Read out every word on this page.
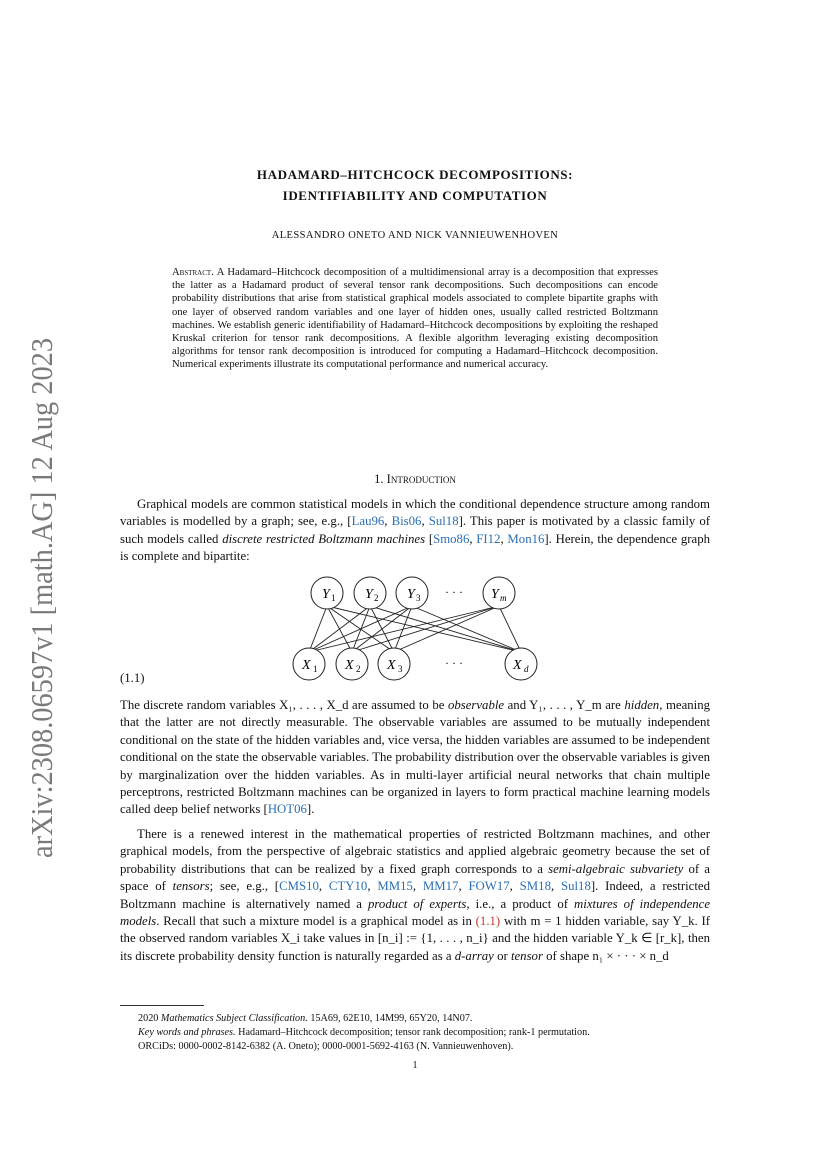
arXiv:2308.06597v1 [math.AG] 12 Aug 2023
HADAMARD–HITCHCOCK DECOMPOSITIONS:
IDENTIFIABILITY AND COMPUTATION
ALESSANDRO ONETO AND NICK VANNIEUWENHOVEN
Abstract. A Hadamard–Hitchcock decomposition of a multidimensional array is a decomposition that expresses the latter as a Hadamard product of several tensor rank decompositions. Such decompositions can encode probability distributions that arise from statistical graphical models associated to complete bipartite graphs with one layer of observed random variables and one layer of hidden ones, usually called restricted Boltzmann machines. We establish generic identifiability of Hadamard–Hitchcock decompositions by exploiting the reshaped Kruskal criterion for tensor rank decompositions. A flexible algorithm leveraging existing decomposition algorithms for tensor rank decomposition is introduced for computing a Hadamard–Hitchcock decomposition. Numerical experiments illustrate its computational performance and numerical accuracy.
1. Introduction
Graphical models are common statistical models in which the conditional dependence structure among random variables is modelled by a graph; see, e.g., [Lau96, Bis06, Sul18]. This paper is motivated by a classic family of such models called discrete restricted Boltzmann machines [Smo86, FI12, Mon16]. Herein, the dependence graph is complete and bipartite:
Y 1 Y 2 Y 3 · · · Y m
X 1 X 2 X 3	· · ·	X d
(1.1)
The discrete random variables X₁, . . . , X_d are assumed to be observable and Y₁, . . . , Y_m are hidden, meaning that the latter are not directly measurable. The observable variables are assumed to be mutually independent conditional on the state of the hidden variables and, vice versa, the hidden variables are assumed to be independent conditional on the state the observable variables. The probability distribution over the observable variables is given by marginalization over the hidden variables. As in multi-layer artificial neural networks that chain multiple perceptrons, restricted Boltzmann machines can be organized in layers to form practical machine learning models called deep belief networks [HOT06].
There is a renewed interest in the mathematical properties of restricted Boltzmann machines, and other graphical models, from the perspective of algebraic statistics and applied algebraic geometry because the set of probability distributions that can be realized by a fixed graph corresponds to a semi-algebraic subvariety of a space of tensors; see, e.g., [CMS10, CTY10, MM15, MM17, FOW17, SM18, Sul18]. Indeed, a restricted Boltzmann machine is alternatively named a product of experts, i.e., a product of mixtures of independence models. Recall that such a mixture model is a graphical model as in (1.1) with m = 1 hidden variable, say Y_k. If the observed random variables X_i take values in [n_i] := {1, . . . , n_i} and the hidden variable Y_k ∈ [r_k], then its discrete probability density function is naturally regarded as a d-array or tensor of shape n₁ × · · · × n_d
2020 Mathematics Subject Classification. 15A69, 62E10, 14M99, 65Y20, 14N07.
Key words and phrases. Hadamard–Hitchcock decomposition; tensor rank decomposition; rank-1 permutation.
ORCiDs: 0000-0002-8142-6382 (A. Oneto); 0000-0001-5692-4163 (N. Vannieuwenhoven).
1
